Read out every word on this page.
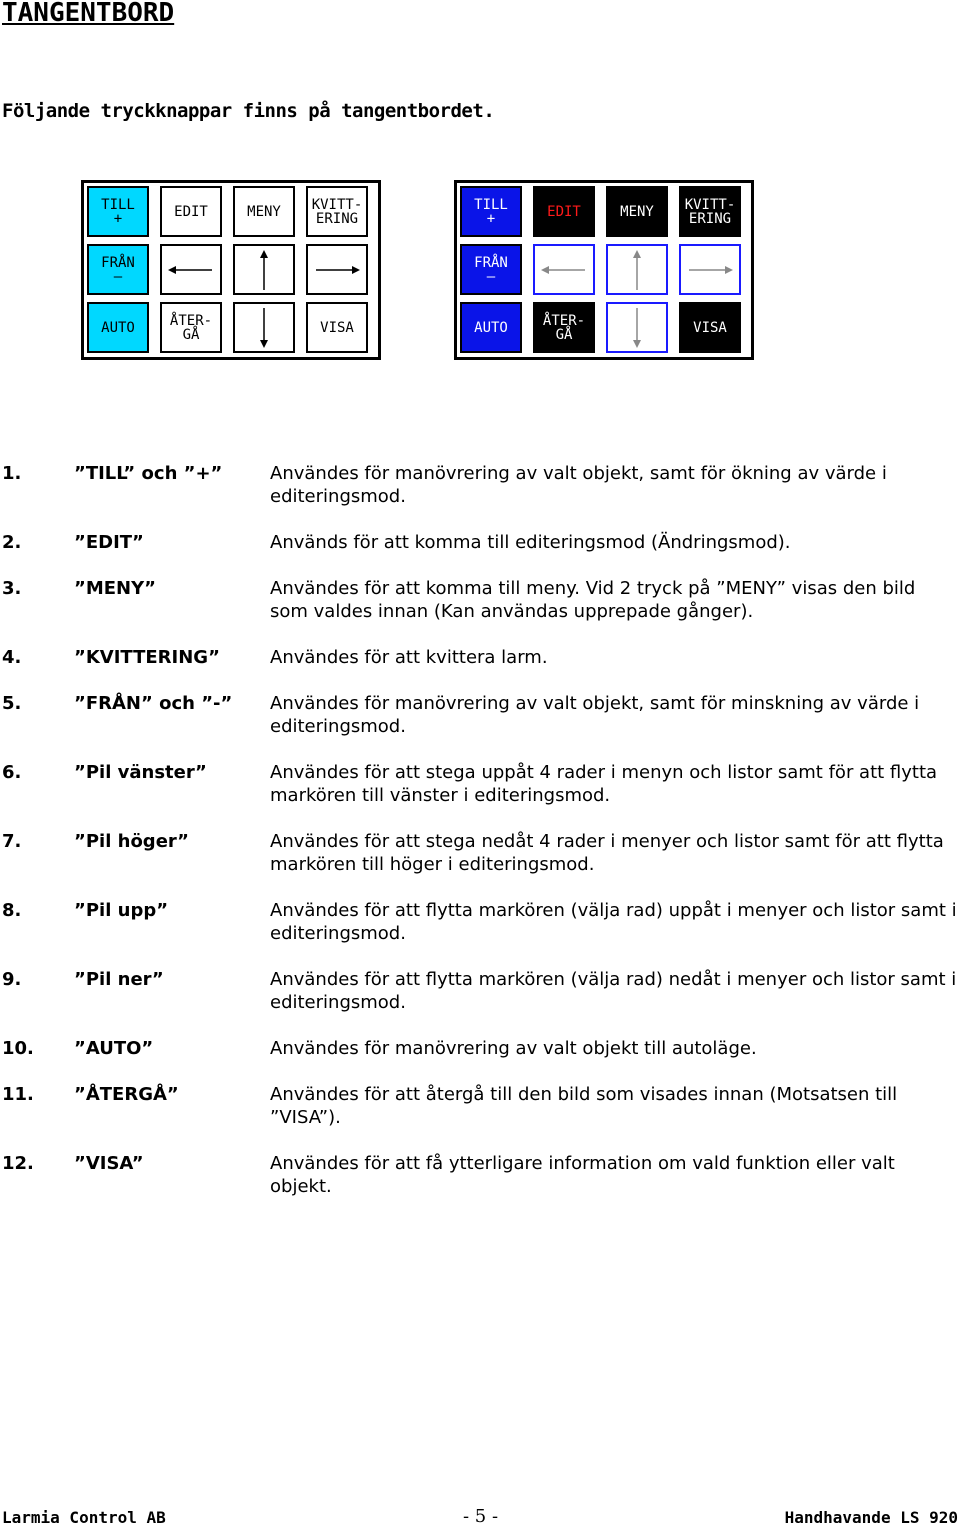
TANGENTBORD
Följande tryckknappar finns på tangentbordet.
TILL
+	EDIT	MENY KVITT-
ERING
FRÅN
—
AUTO	ÅTER-
GÅ	VISA
TILL
+	EDIT	MENY KVITT-
ERING
FRÅN
—
AUTO	ÅTER-
GÅ	VISA
1.	”TILL” och ”+”	Användes för manövrering av valt objekt, samt för ökning av värde i editeringsmod.
2.	”EDIT”	Används för att komma till editeringsmod (Ändringsmod).
3.	”MENY”	Användes för att komma till meny. Vid 2 tryck på ”MENY” visas den bild som valdes innan (Kan användas upprepade gånger).
4.	”KVITTERING”	Användes för att kvittera larm.
5.	”FRÅN” och ”-” Användes för manövrering av valt objekt, samt för minskning av värde i editeringsmod.
6.	”Pil vänster”	Användes för att stega uppåt 4 rader i menyn och listor samt för att flytta markören till vänster i editeringsmod.
7.	”Pil höger”	Användes för att stega nedåt 4 rader i menyer och listor samt för att flytta markören till höger i editeringsmod.
8.	”Pil upp”	Användes för att flytta markören (välja rad) uppåt i menyer och listor samt i editeringsmod.
9.	”Pil ner”	Användes för att flytta markören (välja rad) nedåt i menyer och listor samt i editeringsmod.
10. ”AUTO”	Användes för manövrering av valt objekt till autoläge.
11. ”ÅTERGÅ”	Användes för att återgå till den bild som visades innan (Motsatsen till ”VISA”).
12. ”VISA”	Användes för att få ytterligare information om vald funktion eller valt objekt.
Larmia Control AB	- 5 -	Handhavande LS 920
